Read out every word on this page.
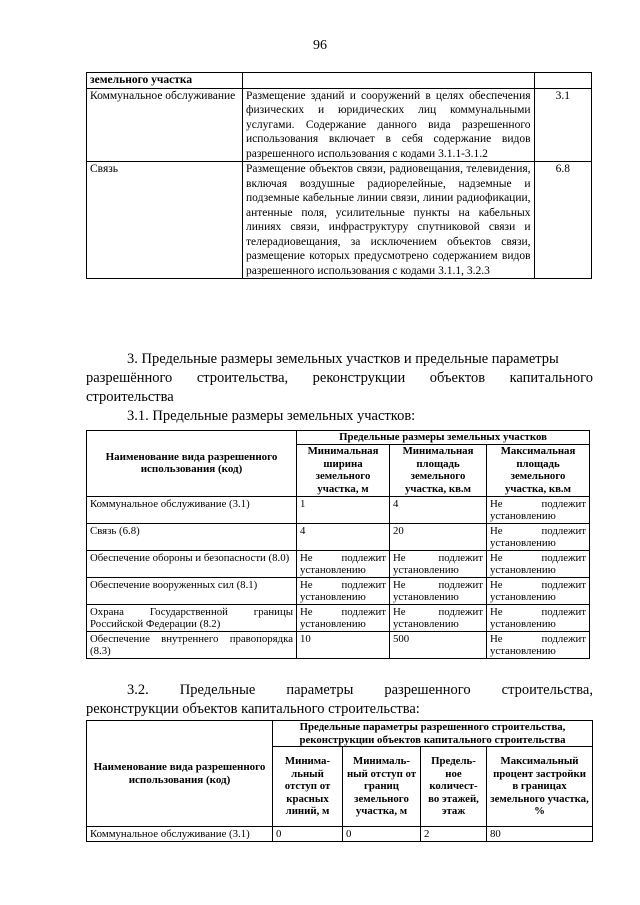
96
земельного участка		
Коммунальное обслуживание	Размещение зданий и сооружений в целях обеспечения физических и юридических лиц коммунальными услугами. Содержание данного вида разрешенного использования включает в себя содержание видов разрешенного использования с кодами 3.1.1-3.1.2	3.1
Связь	Размещение объектов связи, радиовещания, телевидения, включая воздушные радиорелейные, надземные и подземные кабельные линии связи, линии радиофикации, антенные поля, усилительные пункты на кабельных линиях связи, инфраструктуру спутниковой связи и телерадиовещания, за исключением объектов связи, размещение которых предусмотрено содержанием видов разрешенного использования с кодами 3.1.1, 3.2.3	6.8
3. Предельные размеры земельных участков и предельные параметры
разрешённого строительства, реконструкции объектов капитального
строительства
3.1. Предельные размеры земельных участков:
Наименование вида разрешенного использования (код)	Предельные размеры земельных участков		
	Минимальная ширина земельного участка, м	Минимальная площадь земельного участка, кв.м	Максимальная площадь земельного участка, кв.м
Коммунальное обслуживание (3.1)	1	4	Не подлежит установлению
Связь (6.8)	4	20	Не подлежит установлению
Обеспечение обороны и безопасности (8.0)	Не подлежит установлению	Не подлежит установлению	Не подлежит установлению
Обеспечение вооруженных сил (8.1)	Не подлежит установлению	Не подлежит установлению	Не подлежит установлению
Охрана Государственной границы Российской Федерации (8.2)	Не подлежит установлению	Не подлежит установлению	Не подлежит установлению
Обеспечение внутреннего правопорядка (8.3)	10	500	Не подлежит установлению
3.2. Предельные параметры разрешенного строительства,
реконструкции объектов капитального строительства:
Наименование вида разрешенного использования (код)	Предельные параметры разрешенного строительства, реконструкции объектов капитального строительства			
	Минима-льный отступ от красных линий, м	Минималь-ный отступ от границ земельного участка, м	Предель-ное количест-во этажей, этаж	Максимальный процент застройки в границах земельного участка, %
Коммунальное обслуживание (3.1)	0	0	2	80
